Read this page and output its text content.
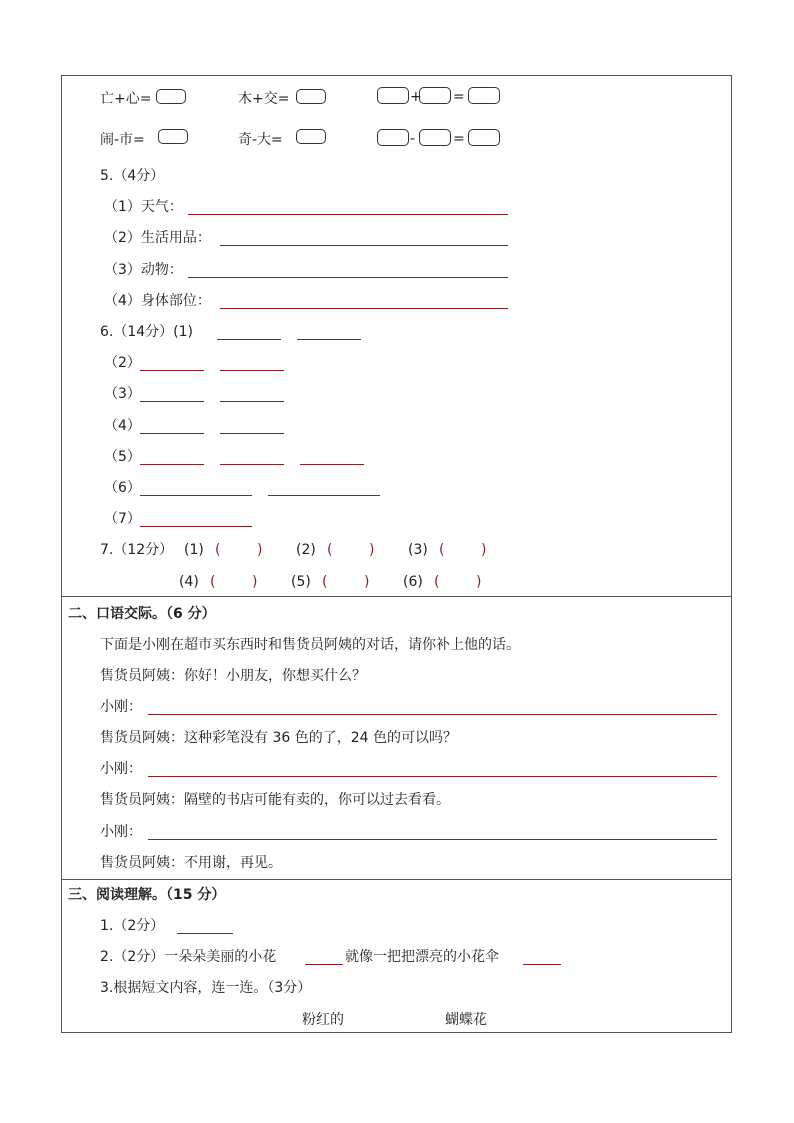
亡+心=	木+交=	+ =
闹-市=	奇-大=	-	=
5.（4分）
（1）天气：
（2）生活用品：
（3）动物：
（4）身体部位：
6.（14分）(1)
（2）
（3）
（4）
（5）
（6）
（7）
7.（12分） (1) (	) (2) (	) (3) (	)
(4) (	) (5) (	) (6) (	)
二、口语交际。（6 分）
下面是小刚在超市买东西时和售货员阿姨的对话，请你补上他的话。
售货员阿姨：你好！小朋友，你想买什么？
小刚：
售货员阿姨：这种彩笔没有 36 色的了，24 色的可以吗？
小刚：
售货员阿姨：隔壁的书店可能有卖的，你可以过去看看。
小刚：
售货员阿姨：不用谢，再见。
三、阅读理解。（15 分）
1.（2分）
2.（2分）一朵朵美丽的小花	就像一把把漂亮的小花伞
3.根据短文内容，连一连。（3分）
粉红的	蝴蝶花
